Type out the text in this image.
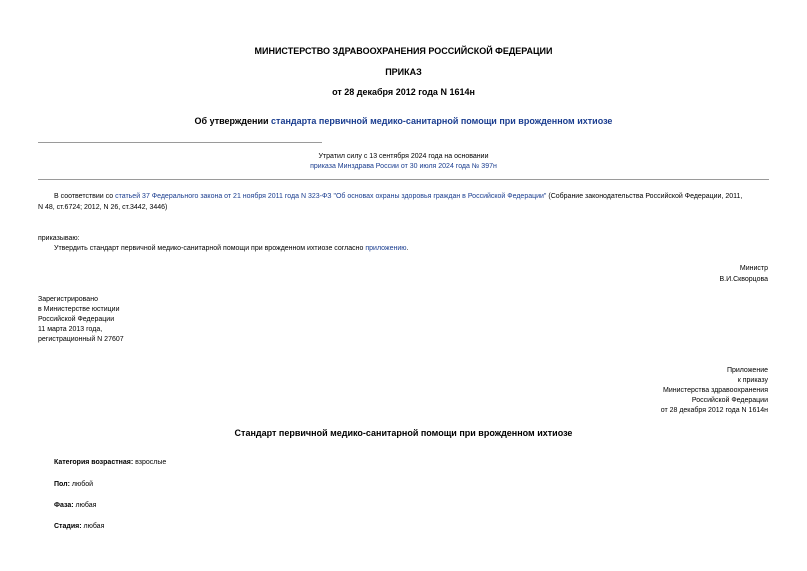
МИНИСТЕРСТВО ЗДРАВООХРАНЕНИЯ РОССИЙСКОЙ ФЕДЕРАЦИИ
ПРИКАЗ
от 28 декабря 2012 года N 1614н
Об утверждении стандарта первичной медико-санитарной помощи при врожденном ихтиозе
Утратил силу с 13 сентября 2024 года на основании
приказа Минздрава России от 30 июля 2024 года № 397н
В соответствии со статьей 37 Федерального закона от 21 ноября 2011 года N 323-ФЗ "Об основах охраны здоровья граждан в Российской Федерации" (Собрание законодательства Российской Федерации, 2011,
N 48, ст.6724; 2012, N 26, ст.3442, 3446)
приказываю:
Утвердить стандарт первичной медико-санитарной помощи при врожденном ихтиозе согласно приложению.
Министр
В.И.Скворцова
Зарегистрировано
в Министерстве юстиции
Российской Федерации
11 марта 2013 года,
регистрационный N 27607
Приложение
к приказу
Министерства здравоохранения
Российской Федерации
от 28 декабря 2012 года N 1614н
Стандарт первичной медико-санитарной помощи при врожденном ихтиозе
Категория возрастная: взрослые
Пол: любой
Фаза: любая
Стадия: любая
